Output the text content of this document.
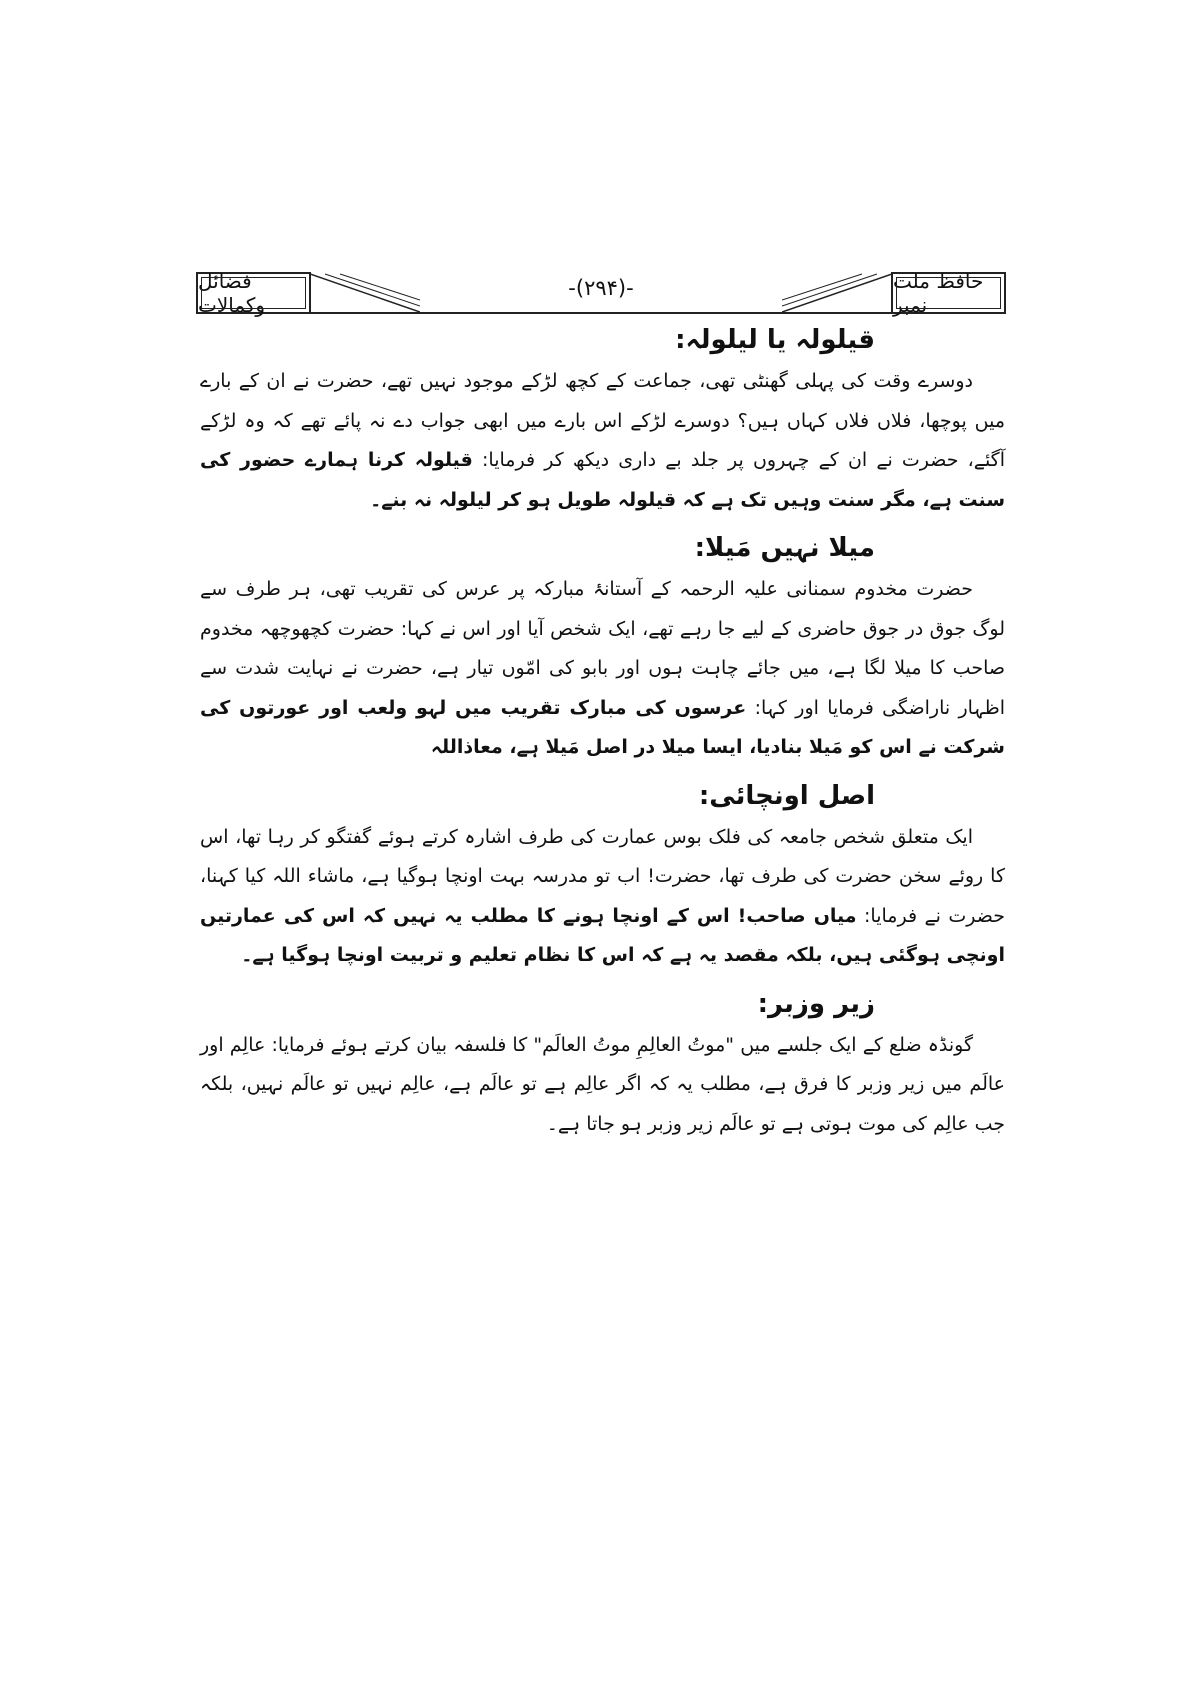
حافظ ملت نمبر
-(۲۹۴)-
فضائل وکمالات
قیلولہ یا لیلولہ:

دوسرے وقت کی پہلی گھنٹی تھی، جماعت کے کچھ لڑکے موجود نہیں تھے، حضرت نے ان کے بارے میں پوچھا، فلاں فلاں کہاں ہیں؟ دوسرے لڑکے اس بارے میں ابھی جواب دے نہ پائے تھے کہ وہ لڑکے آگئے، حضرت نے ان کے چہروں پر جلد بے داری دیکھ کر فرمایا: قیلولہ کرنا ہمارے حضور کی سنت ہے، مگر سنت وہیں تک ہے کہ قیلولہ طویل ہو کر لیلولہ نہ بنے۔

میلا نہیں مَیلا:

حضرت مخدوم سمنانی علیہ الرحمہ کے آستانۂ مبارکہ پر عرس کی تقریب تھی، ہر طرف سے لوگ جوق در جوق حاضری کے لیے جا رہے تھے، ایک شخص آیا اور اس نے کہا: حضرت کچھوچھہ مخدوم صاحب کا میلا لگا ہے، میں جائے چاہت ہوں اور بابو کی امّوں تیار ہے، حضرت نے نہایت شدت سے اظہار ناراضگی فرمایا اور کہا: عرسوں کی مبارک تقریب میں لہو ولعب اور عورتوں کی شرکت نے اس کو مَیلا بنادیا، ایسا میلا در اصل مَیلا ہے، معاذاللہ

اصل اونچائی:

ایک متعلق شخص جامعہ کی فلک بوس عمارت کی طرف اشارہ کرتے ہوئے گفتگو کر رہا تھا، اس کا روئے سخن حضرت کی طرف تھا، حضرت! اب تو مدرسہ بہت اونچا ہوگیا ہے، ماشاء اللہ کیا کہنا، حضرت نے فرمایا: میاں صاحب! اس کے اونچا ہونے کا مطلب یہ نہیں کہ اس کی عمارتیں اونچی ہوگئی ہیں، بلکہ مقصد یہ ہے کہ اس کا نظام تعلیم و تربیت اونچا ہوگیا ہے۔

زیر وزبر:

گونڈہ ضلع کے ایک جلسے میں "موتُ العالِمِ موتُ العالَم" کا فلسفہ بیان کرتے ہوئے فرمایا: عالِم اور عالَم میں زیر وزبر کا فرق ہے، مطلب یہ کہ اگر عالِم ہے تو عالَم ہے، عالِم نہیں تو عالَم نہیں، بلکہ جب عالِم کی موت ہوتی ہے تو عالَم زیر وزبر ہو جاتا ہے۔
